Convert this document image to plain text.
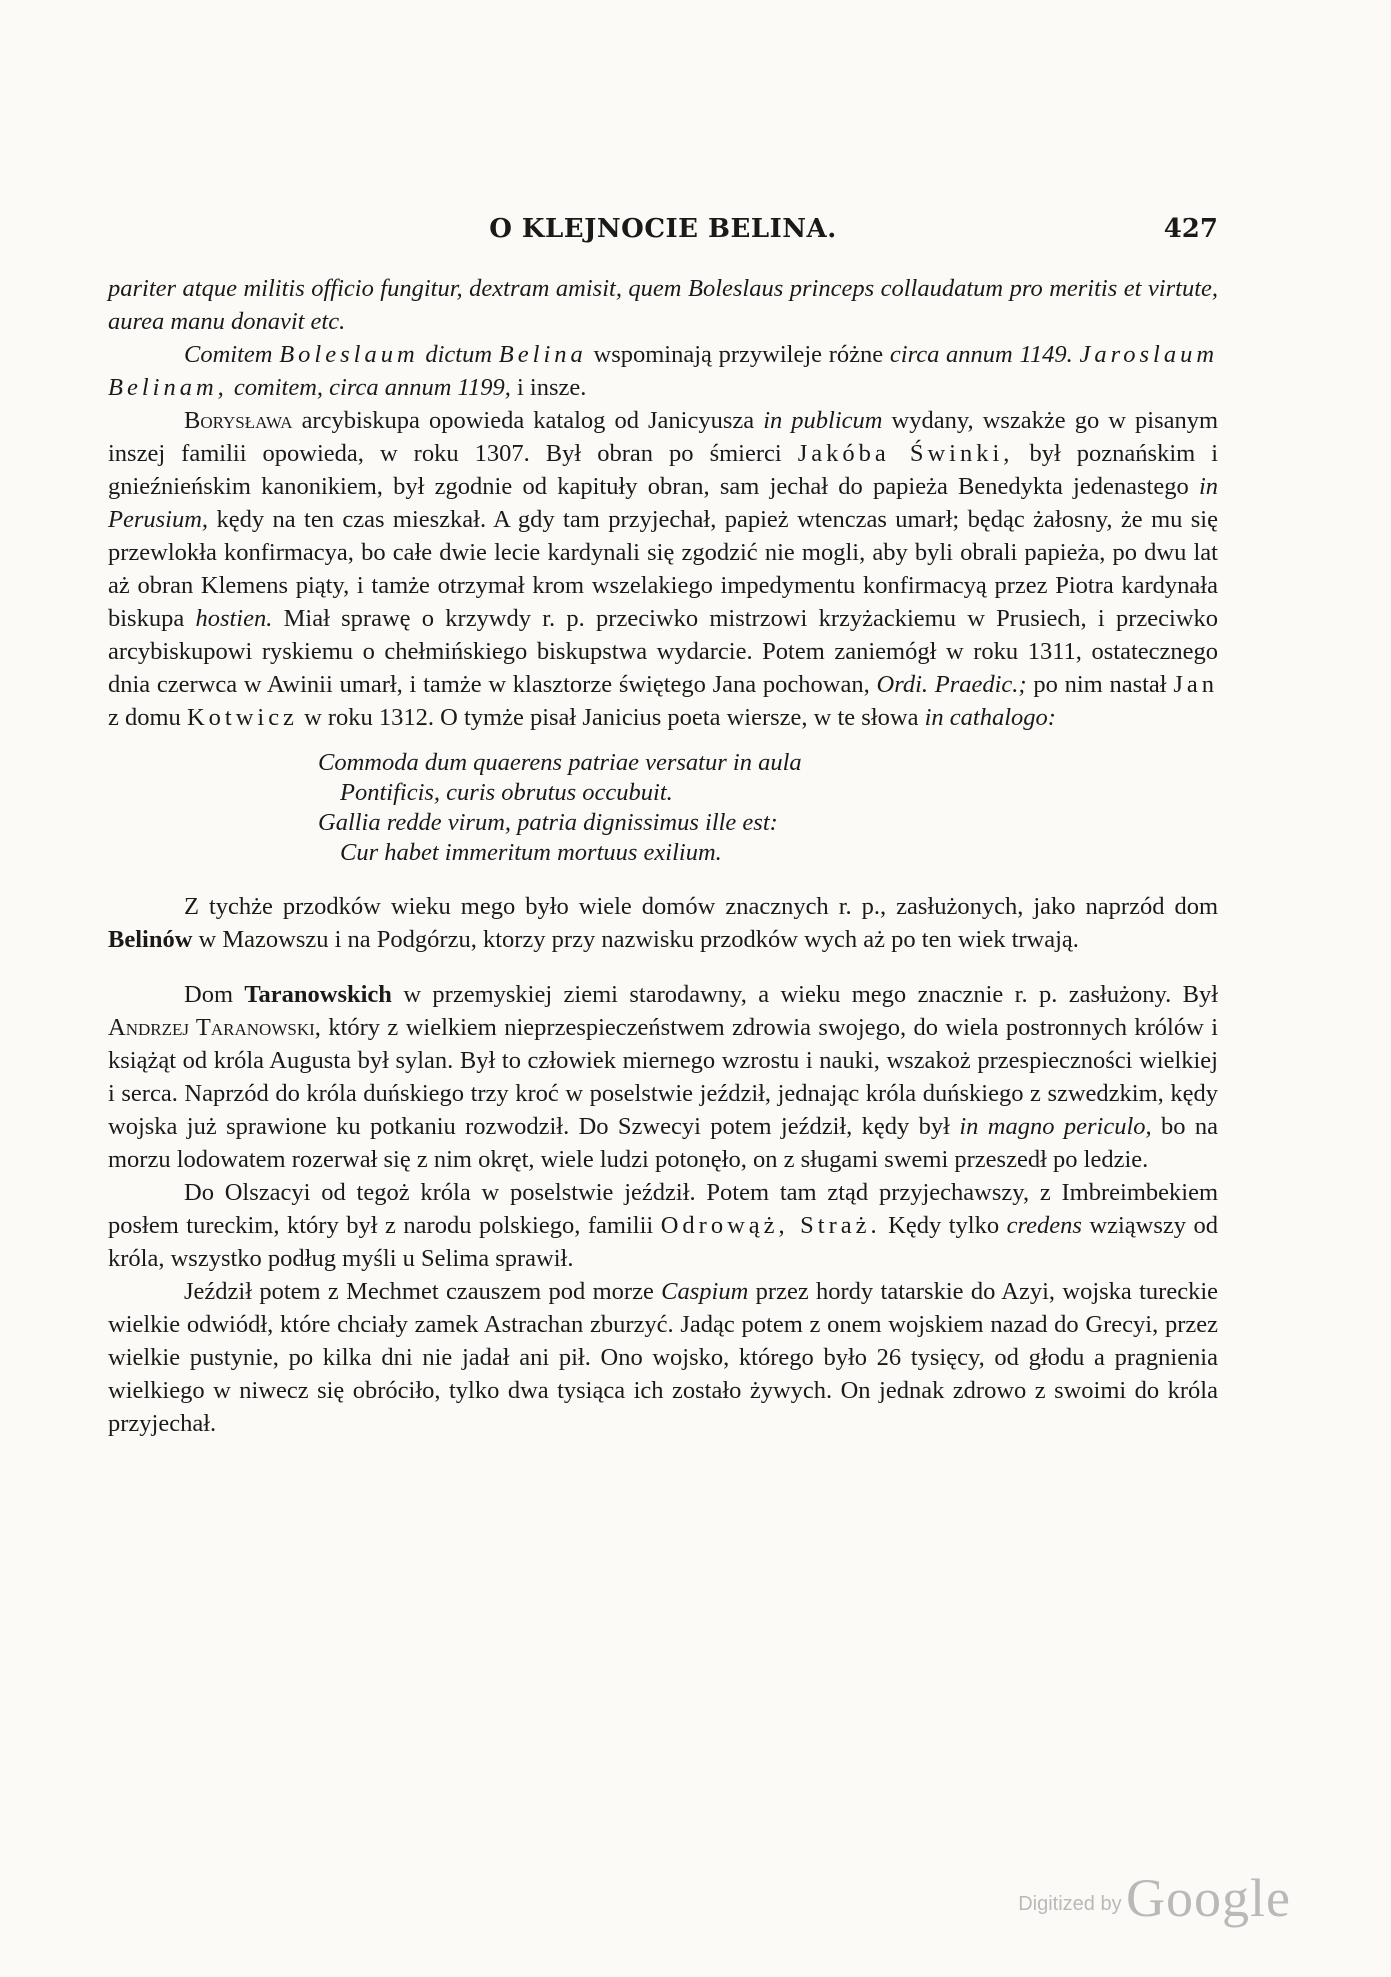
O KLEJNOCIE BELINA.	427

pariter atque militis officio fungitur, dextram amisit, quem Boleslaus princeps collaudatum pro meritis et virtute, aurea manu donavit etc.

Comitem Boleslaum dictum Belina wspominają przywileje różne circa annum 1149. Jaroslaum Belinam, comitem, circa annum 1199, i insze.

Borysława arcybiskupa opowieda katalog od Janicyusza in publicum wydany, wszakże go w pisanym inszej familii opowieda, w roku 1307. Był obran po śmierci Jakóba Świnki, był poznańskim i gnieźnieńskim kanonikiem, był zgodnie od kapituły obran, sam jechał do papieża Benedykta jedenastego in Perusium, kędy na ten czas mieszkał. A gdy tam przyjechał, papież wtenczas umarł; będąc żałosny, że mu się przewlokła konfirmacya, bo całe dwie lecie kardynali się zgodzić nie mogli, aby byli obrali papieża, po dwu lat aż obran Klemens piąty, i tamże otrzymał krom wszelakiego impedymentu konfirmacyą przez Piotra kardynała biskupa hostien. Miał sprawę o krzywdy r. p. przeciwko mistrzowi krzyżackiemu w Prusiech, i przeciwko arcybiskupowi ryskiemu o chełmińskiego biskupstwa wydarcie. Potem zaniemógł w roku 1311, ostatecznego dnia czerwca w Awinii umarł, i tamże w klasztorze świętego Jana pochowan, Ordi. Praedic.; po nim nastał Jan z domu Kotwicz w roku 1312. O tymże pisał Janicius poeta wiersze, w te słowa in cathalogo:

Commoda dum quaerens patriae versatur in aula
Pontificis, curis obrutus occubuit.
Gallia redde virum, patria dignissimus ille est:
Cur habet immeritum mortuus exilium.

Z tychże przodków wieku mego było wiele domów znacznych r. p., zasłużonych, jako naprzód dom Belinów w Mazowszu i na Podgórzu, ktorzy przy nazwisku przodków wych aż po ten wiek trwają.

Dom Taranowskich w przemyskiej ziemi starodawny, a wieku mego znacznie r. p. zasłużony. Był Andrzej Taranowski, który z wielkiem nieprzespieczeństwem zdrowia swojego, do wiela postronnych królów i książąt od króla Augusta był sylan. Był to człowiek miernego wzrostu i nauki, wszakoż przespieczności wielkiej i serca. Naprzód do króla duńskiego trzy kroć w poselstwie jeździł, jednając króla duńskiego z szwedzkim, kędy wojska już sprawione ku potkaniu rozwodził. Do Szwecyi potem jeździł, kędy był in magno periculo, bo na morzu lodowatem rozerwał się z nim okręt, wiele ludzi potonęło, on z sługami swemi przeszedł po ledzie.

Do Olszacyi od tegoż króla w poselstwie jeździł. Potem tam ztąd przyjechawszy, z Imbreimbekiem posłem tureckim, który był z narodu polskiego, familii Odrowąż, Straż. Kędy tylko credens wziąwszy od króla, wszystko podług myśli u Selima sprawił.

Jeździł potem z Mechmet czauszem pod morze Caspium przez hordy tatarskie do Azyi, wojska tureckie wielkie odwiódł, które chciały zamek Astrachan zburzyć. Jadąc potem z onem wojskiem nazad do Grecyi, przez wielkie pustynie, po kilka dni nie jadał ani pił. Ono wojsko, którego było 26 tysięcy, od głodu a pragnienia wielkiego w niwecz się obróciło, tylko dwa tysiąca ich zostało żywych. On jednak zdrowo z swoimi do króla przyjechał.

Digitized by Google
